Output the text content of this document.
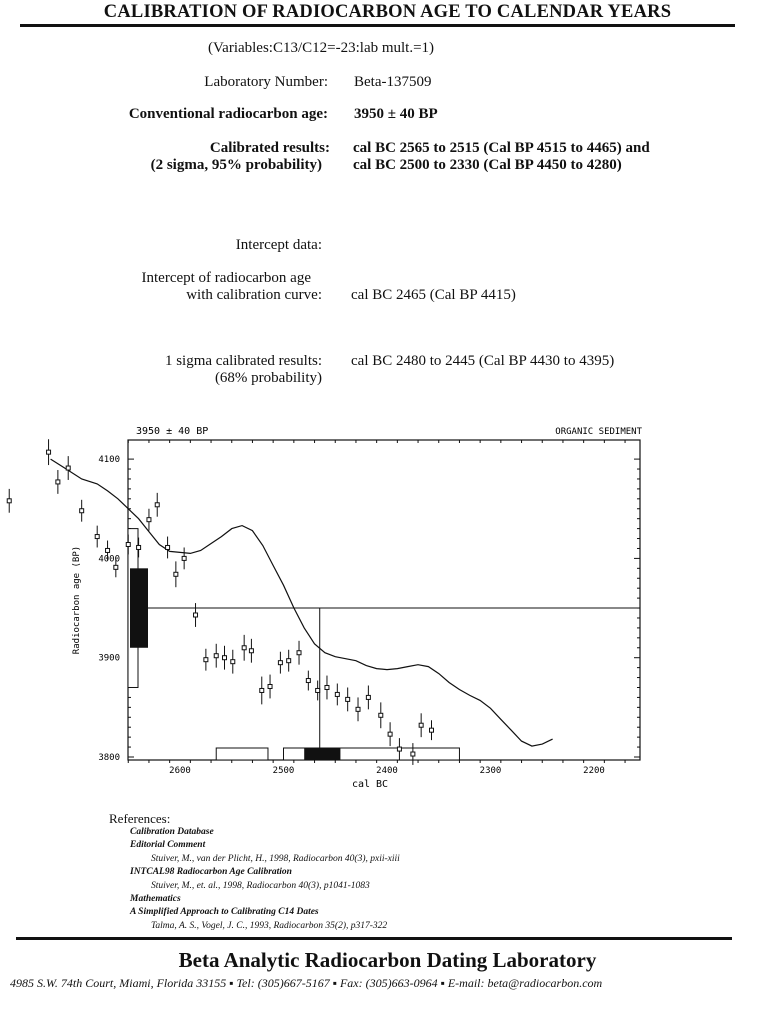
CALIBRATION OF RADIOCARBON AGE TO CALENDAR YEARS
(Variables:C13/C12=-23:lab mult.=1)
Laboratory Number: Beta-137509
Conventional radiocarbon age: 3950 ± 40 BP
Calibrated results:
(2 sigma, 95% probability)
cal BC 2565 to 2515 (Cal BP 4515 to 4465) and
cal BC 2500 to 2330 (Cal BP 4450 to 4280)
Intercept data:
Intercept of radiocarbon age
with calibration curve: cal BC 2465 (Cal BP 4415)
1 sigma calibrated results:
(68% probability)
cal BC 2480 to 2445 (Cal BP 4430 to 4395)
4100
4000
3900
3800
2600	2500	2400	2300	2200
3950 ± 40 BP	ORGANIC SEDIMENT
cal BC
Radiocarbon age (BP)
References:
Calibration Database
Editorial Comment
Stuiver, M., van der Plicht, H., 1998, Radiocarbon 40(3), pxii-xiii
INTCAL98 Radiocarbon Age Calibration
Stuiver, M., et. al., 1998, Radiocarbon 40(3), p1041-1083
Mathematics
A Simplified Approach to Calibrating C14 Dates
Talma, A. S., Vogel, J. C., 1993, Radiocarbon 35(2), p317-322
Beta Analytic Radiocarbon Dating Laboratory
4985 S.W. 74th Court, Miami, Florida 33155 ▪ Tel: (305)667-5167 ▪ Fax: (305)663-0964 ▪ E-mail: beta@radiocarbon.com
